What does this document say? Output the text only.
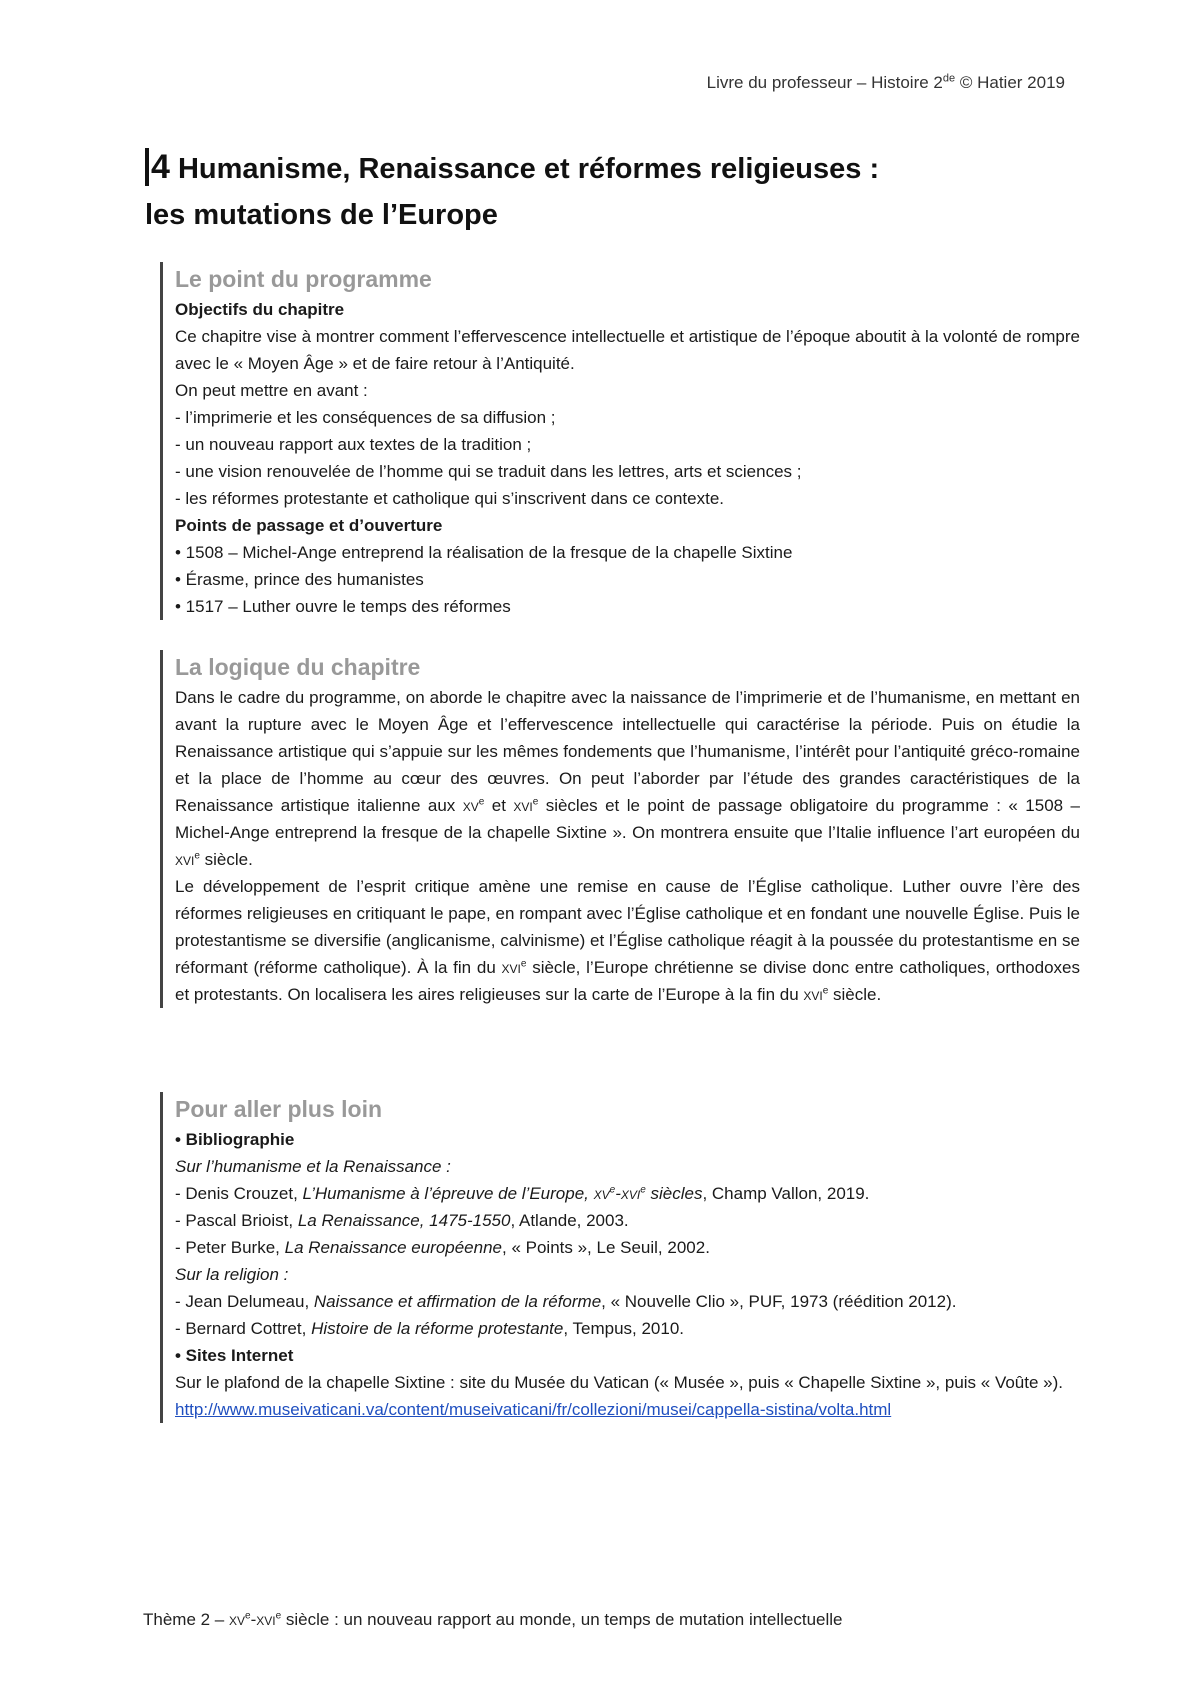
Livre du professeur – Histoire 2de © Hatier 2019
4 Humanisme, Renaissance et réformes religieuses :
les mutations de l’Europe
Le point du programme
Objectifs du chapitre

Ce chapitre vise à montrer comment l’effervescence intellectuelle et artistique de l’époque aboutit à la volonté de rompre avec le « Moyen Âge » et de faire retour à l’Antiquité.

On peut mettre en avant :

- l’imprimerie et les conséquences de sa diffusion ;

- un nouveau rapport aux textes de la tradition ;

- une vision renouvelée de l’homme qui se traduit dans les lettres, arts et sciences ;

- les réformes protestante et catholique qui s’inscrivent dans ce contexte.

Points de passage et d’ouverture

• 1508 – Michel-Ange entreprend la réalisation de la fresque de la chapelle Sixtine

• Érasme, prince des humanistes

• 1517 – Luther ouvre le temps des réformes

La logique du chapitre

Dans le cadre du programme, on aborde le chapitre avec la naissance de l’imprimerie et de l’humanisme, en mettant en avant la rupture avec le Moyen Âge et l’effervescence intellectuelle qui caractérise la période. Puis on étudie la Renaissance artistique qui s’appuie sur les mêmes fondements que l’humanisme, l’intérêt pour l’antiquité gréco-romaine et la place de l’homme au cœur des œuvres. On peut l’aborder par l’étude des grandes caractéristiques de la Renaissance artistique italienne aux $xv^e$ et xvi$^e$ siècles et le point de passage obligatoire du programme : « 1508 – Michel-Ange entreprend la fresque de la chapelle Sixtine ». On montrera ensuite que l’Italie influence l’art européen du xvi$^e$ siècle.

Le développement de l’esprit critique amène une remise en cause de l’Église catholique. Luther ouvre l’ère des réformes religieuses en critiquant le pape, en rompant avec l’Église catholique et en fondant une nouvelle Église. Puis le protestantisme se diversifie (anglicanisme, calvinisme) et l’Église catholique réagit à la poussée du protestantisme en se réformant (réforme catholique). À la fin du xvi$^e$ siècle, l’Europe chrétienne se divise donc entre catholiques, orthodoxes et protestants. On localisera les aires religieuses sur la carte de l’Europe à la fin du xvi$^e$ siècle.

Pour aller plus loin
• Bibliographie

Sur l’humanisme et la Renaissance :

- Denis Crouzet, L’Humanisme à l’épreuve de l’Europe, $xv^e-xvi^e$ siècles, Champ Vallon, 2019.

- Pascal Brioist, La Renaissance, 1475-1550, Atlande, 2003.

- Peter Burke, La Renaissance européenne, « Points », Le Seuil, 2002.

Sur la religion :

- Jean Delumeau, Naissance et affirmation de la réforme, « Nouvelle Clio », PUF, 1973 (réédition 2012).

- Bernard Cottret, Histoire de la réforme protestante, Tempus, 2010.

• Sites Internet

Sur le plafond de la chapelle Sixtine : site du Musée du Vatican (« Musée », puis « Chapelle Sixtine », puis « Voûte »).

http://www.museivaticani.va/content/museivaticani/fr/collezioni/musei/cappella-sistina/volta.html

Thème $2 - xv^e-xvi^e$ siècle : un nouveau rapport au monde, un temps de mutation intellectuelle
